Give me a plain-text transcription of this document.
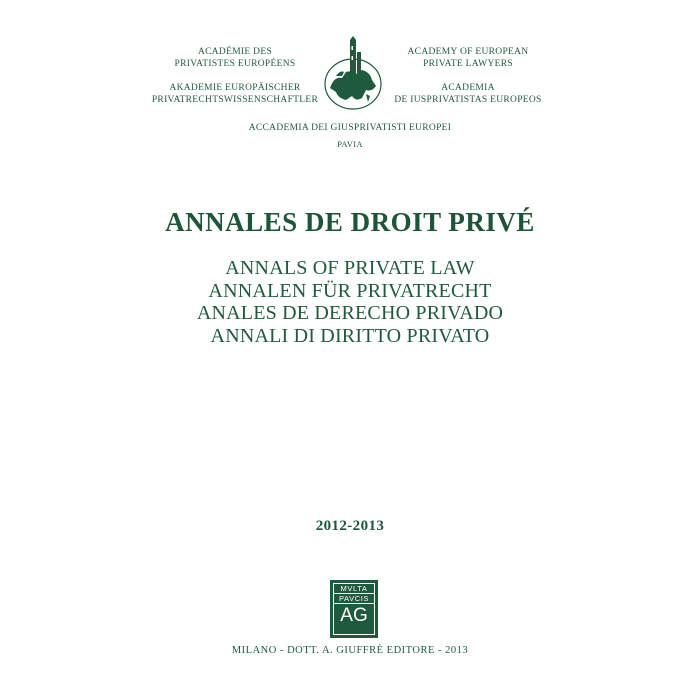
ACADÉMIE DES
PRIVATISTES EUROPÉENS
AKADEMIE EUROPÄISCHER
PRIVATRECHTSWISSENSCHAFTLER
ACADEMY OF EUROPEAN
PRIVATE LAWYERS
ACADEMIA
DE IUSPRIVATISTAS EUROPEOS
ACCADEMIA DEI GIUSPRIVATISTI EUROPEI
PAVIA
ANNALES DE DROIT PRIVÉ
ANNALS OF PRIVATE LAW
ANNALEN FÜR PRIVATRECHT
ANALES DE DERECHO PRIVADO
ANNALI DI DIRITTO PRIVATO
2012-2013
MVLTA
PAVCIS
AG
MILANO - DOTT. A. GIUFFRÈ EDITORE - 2013
